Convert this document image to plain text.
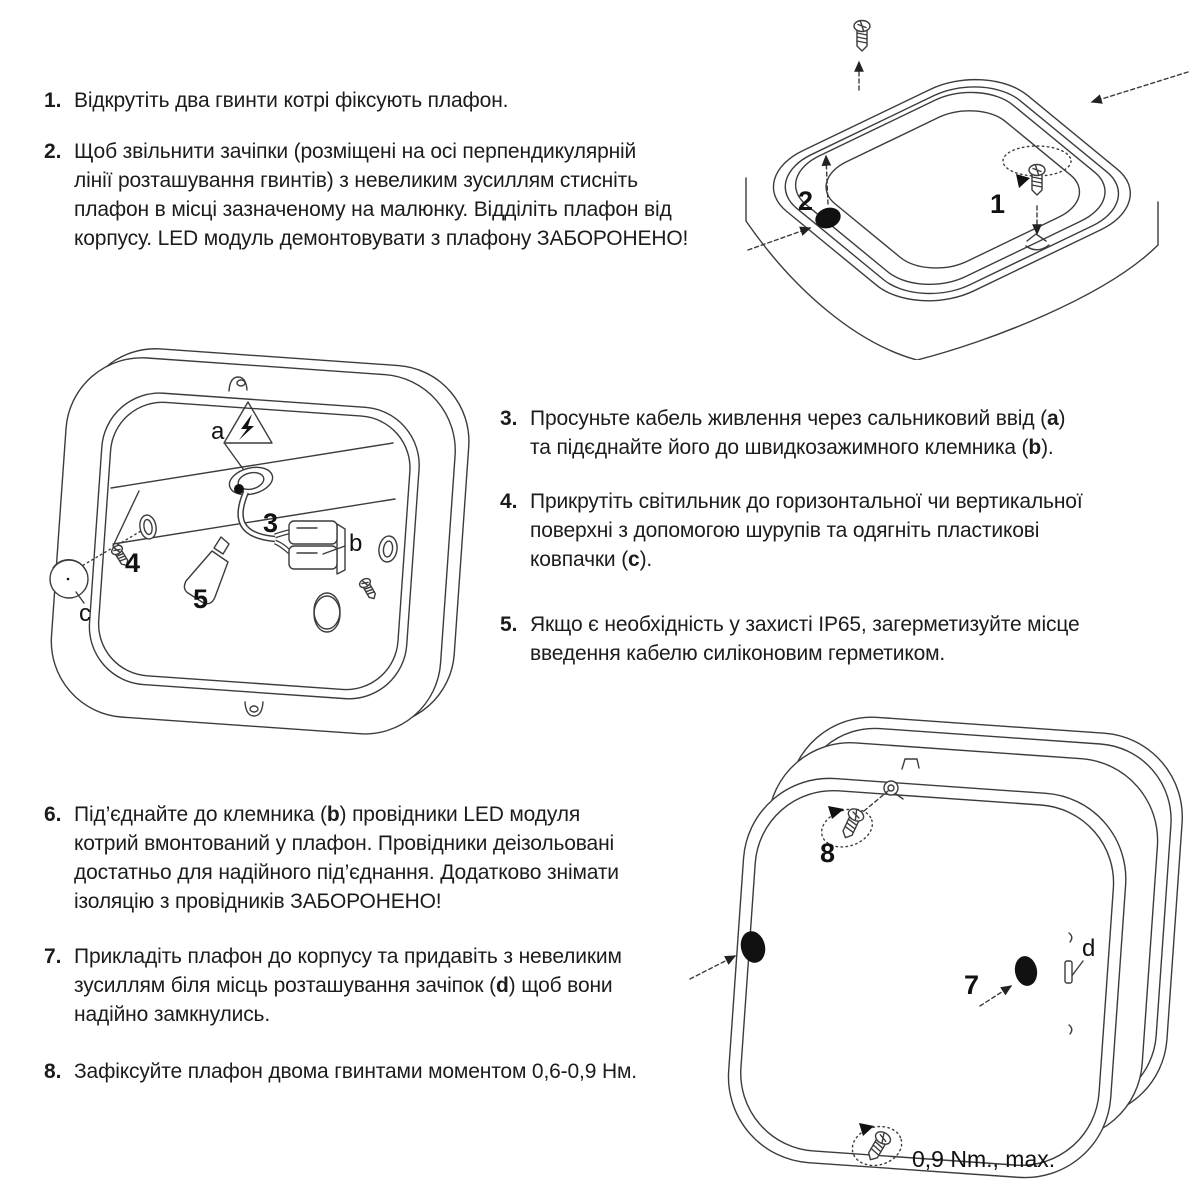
1. Відкрутіть два гвинти котрі фіксують плафон.
2. Щоб звільнити зачіпки (розміщені на осі перпендикулярній
лінії розташування гвинтів) з невеликим зусиллям стисніть
плафон в місці зазначеному на малюнку. Відділіть плафон від
корпусу. LED модуль демонтовувати з плафону ЗАБОРОНЕНО!
3. Просуньте кабель живлення через сальниковий ввід (a)
та підєднайте його до швидкозажимного клемника (b).
4. Прикрутіть світильник до горизонтальної чи вертикальної
поверхні з допомогою шурупів та одягніть пластикові
ковпачки (c).
5. Якщо є необхідність у захисті IP65, загерметизуйте місце
введення кабелю силіконовим герметиком.
6. Під’єднайте до клемника (b) провідники LED модуля
котрий вмонтований у плафон. Провідники деізольовані
достатньо для надійного під’єднання. Додатково знімати
ізоляцію з провідників ЗАБОРОНЕНО!
7. Прикладіть плафон до корпусу та придавіть з невеликим
зусиллям біля місць розташування зачіпок (d) щоб вони
надійно замкнулись.
8. Зафіксуйте плафон двома гвинтами моментом 0,6-0,9 Нм.
2	1
a
3
b
4
c	5
8
7
d
0,9 Nm., max.
